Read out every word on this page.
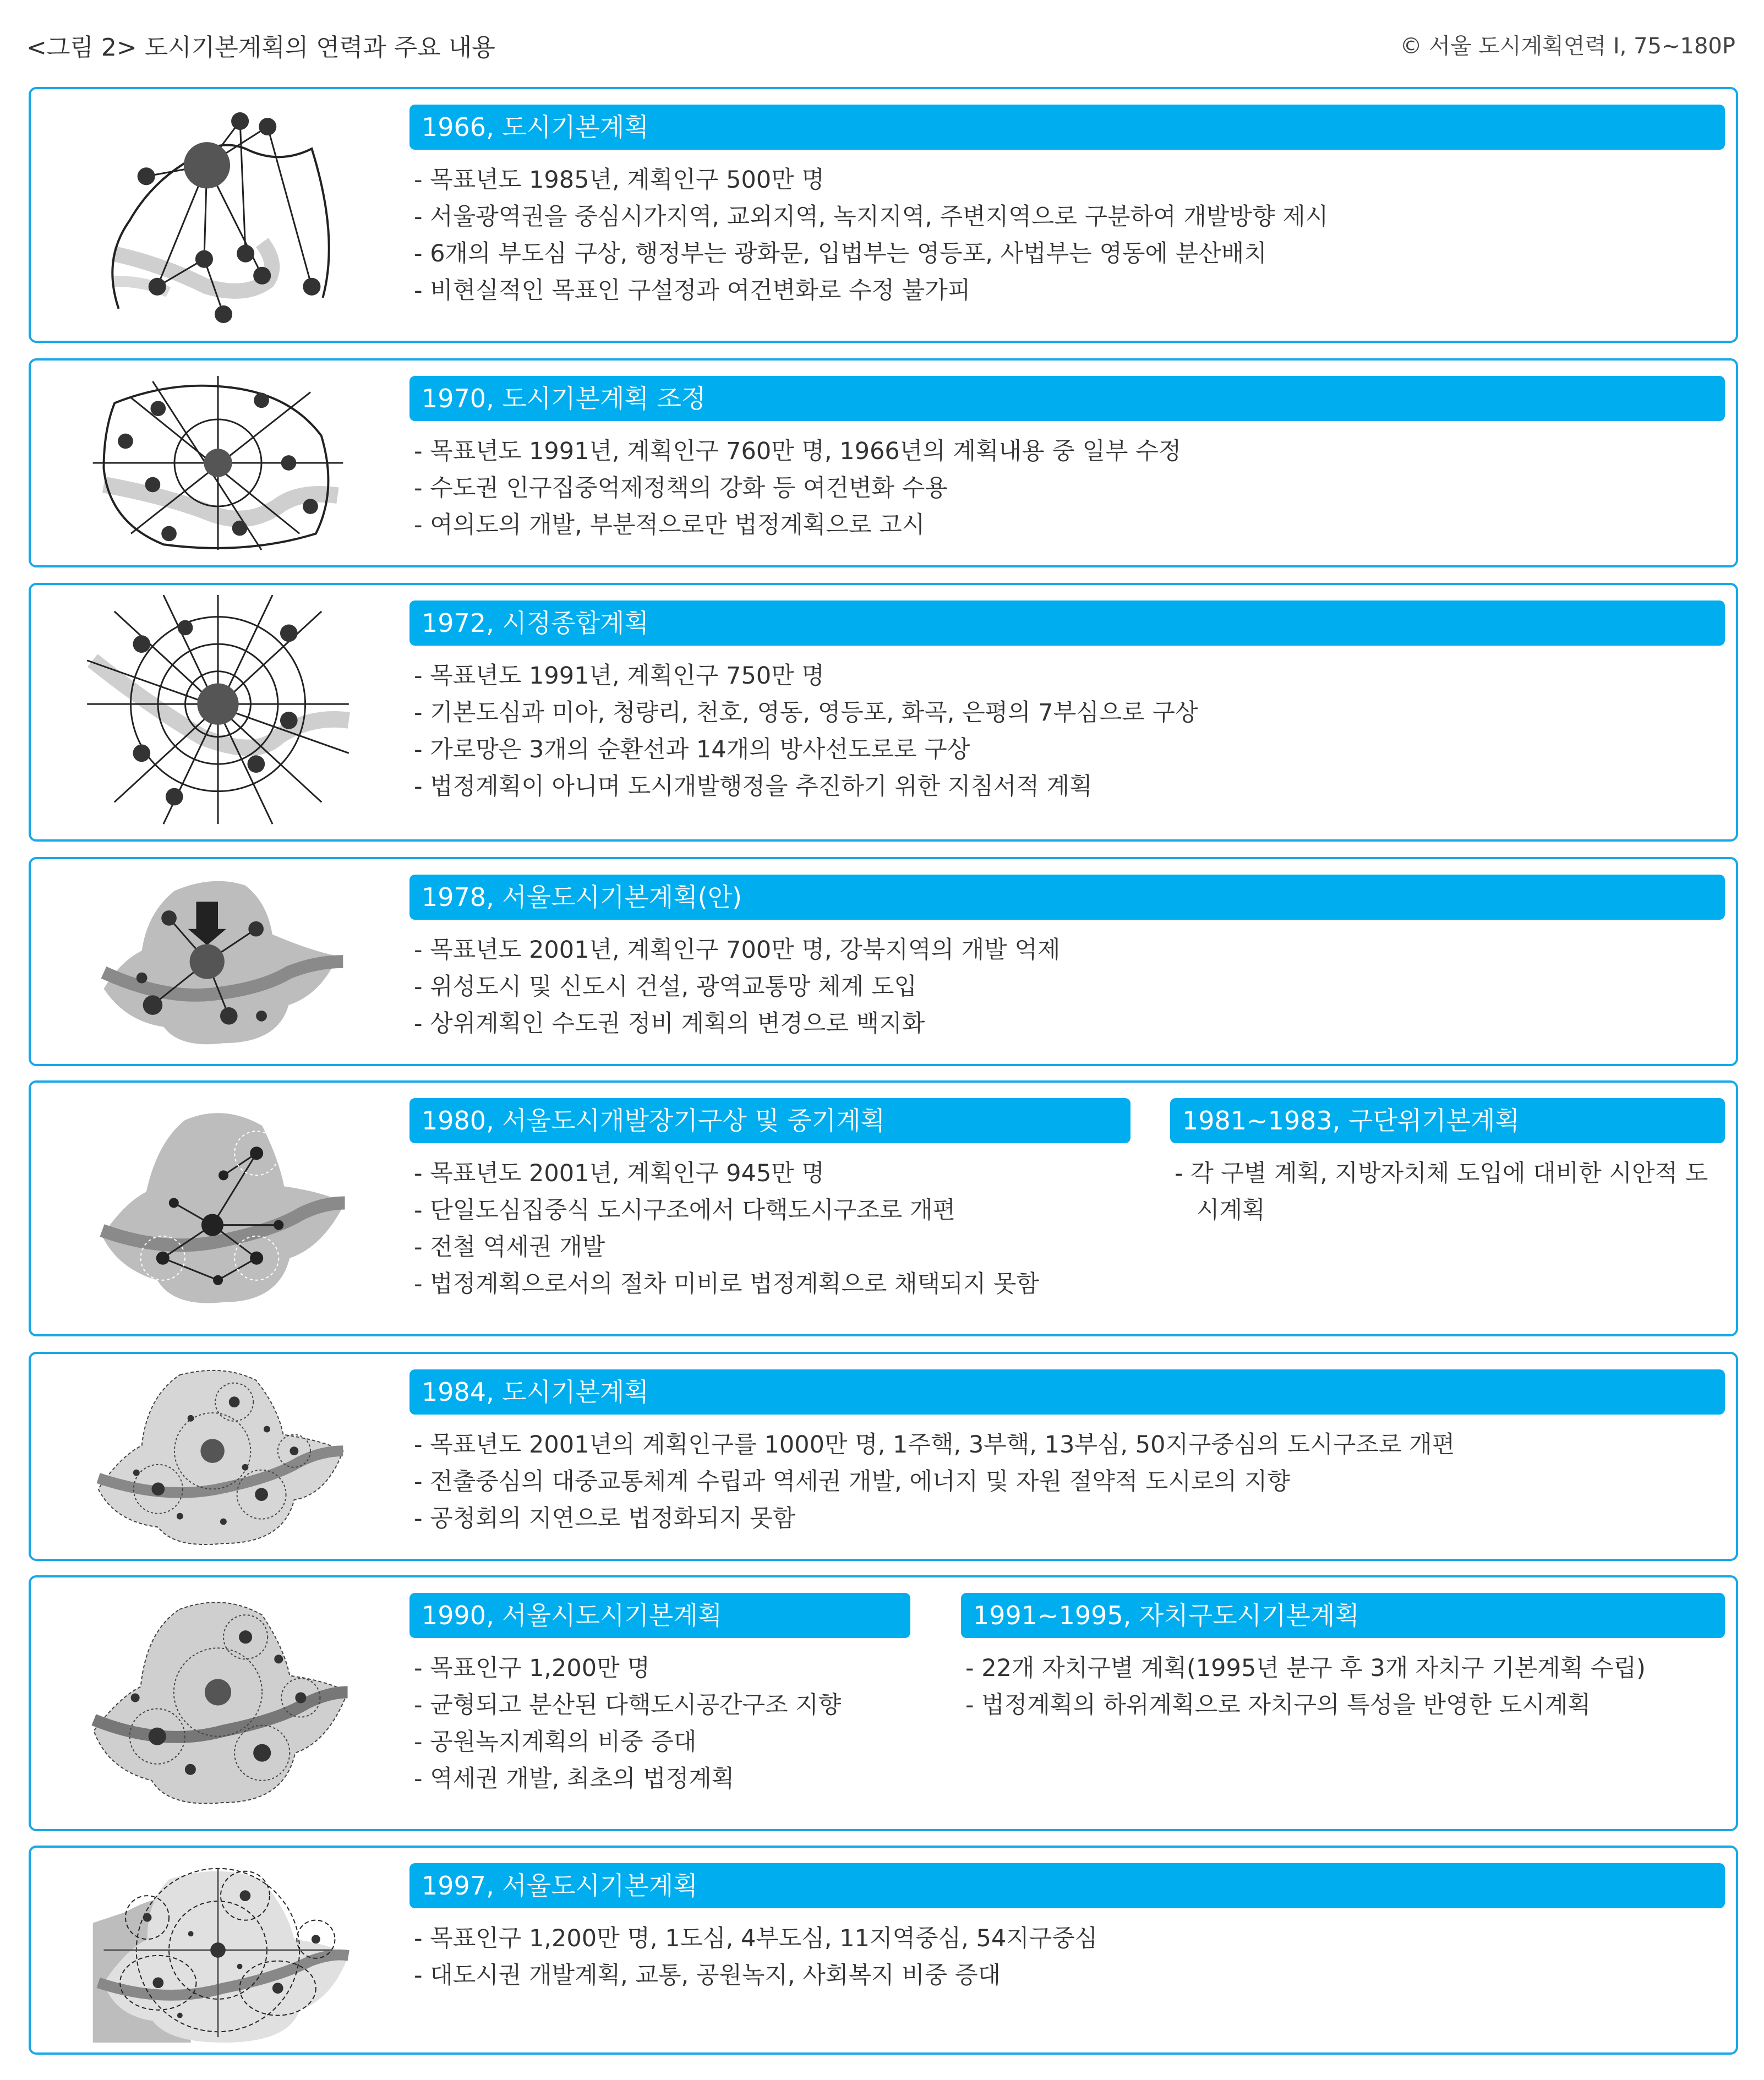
<그림 2> 도시기본계획의 연력과 주요 내용	© 서울 도시계획연력 I, 75~180P
1966, 도시기본계획
- 목표년도 1985년, 계획인구 500만 명
- 서울광역권을 중심시가지역, 교외지역, 녹지지역, 주변지역으로 구분하여 개발방향 제시
- 6개의 부도심 구상, 행정부는 광화문, 입법부는 영등포, 사법부는 영동에 분산배치
- 비현실적인 목표인 구설정과 여건변화로 수정 불가피
1970, 도시기본계획 조정
- 목표년도 1991년, 계획인구 760만 명, 1966년의 계획내용 중 일부 수정
- 수도권 인구집중억제정책의 강화 등 여건변화 수용
- 여의도의 개발, 부분적으로만 법정계획으로 고시
1972, 시정종합계획
- 목표년도 1991년, 계획인구 750만 명
- 기본도심과 미아, 청량리, 천호, 영동, 영등포, 화곡, 은평의 7부심으로 구상
- 가로망은 3개의 순환선과 14개의 방사선도로로 구상
- 법정계획이 아니며 도시개발행정을 추진하기 위한 지침서적 계획
1978, 서울도시기본계획(안)
- 목표년도 2001년, 계획인구 700만 명, 강북지역의 개발 억제
- 위성도시 및 신도시 건설, 광역교통망 체계 도입
- 상위계획인 수도권 정비 계획의 변경으로 백지화
1980, 서울도시개발장기구상 및 중기계획
- 목표년도 2001년, 계획인구 945만 명
- 단일도심집중식 도시구조에서 다핵도시구조로 개편
- 전철 역세권 개발
- 법정계획으로서의 절차 미비로 법정계획으로 채택되지 못함
1981~1983, 구단위기본계획
- 각 구별 계획, 지방자치체 도입에 대비한 시안적 도시계획
1984, 도시기본계획
- 목표년도 2001년의 계획인구를 1000만 명, 1주핵, 3부핵, 13부심, 50지구중심의 도시구조로 개편
- 전출중심의 대중교통체계 수립과 역세권 개발, 에너지 및 자원 절약적 도시로의 지향
- 공청회의 지연으로 법정화되지 못함
1990, 서울시도시기본계획
- 목표인구 1,200만 명
- 균형되고 분산된 다핵도시공간구조 지향
- 공원녹지계획의 비중 증대
- 역세권 개발, 최초의 법정계획
1991~1995, 자치구도시기본계획
- 22개 자치구별 계획(1995년 분구 후 3개 자치구 기본계획 수립)
- 법정계획의 하위계획으로 자치구의 특성을 반영한 도시계획
1997, 서울도시기본계획
- 목표인구 1,200만 명, 1도심, 4부도심, 11지역중심, 54지구중심
- 대도시권 개발계획, 교통, 공원녹지, 사회복지 비중 증대
